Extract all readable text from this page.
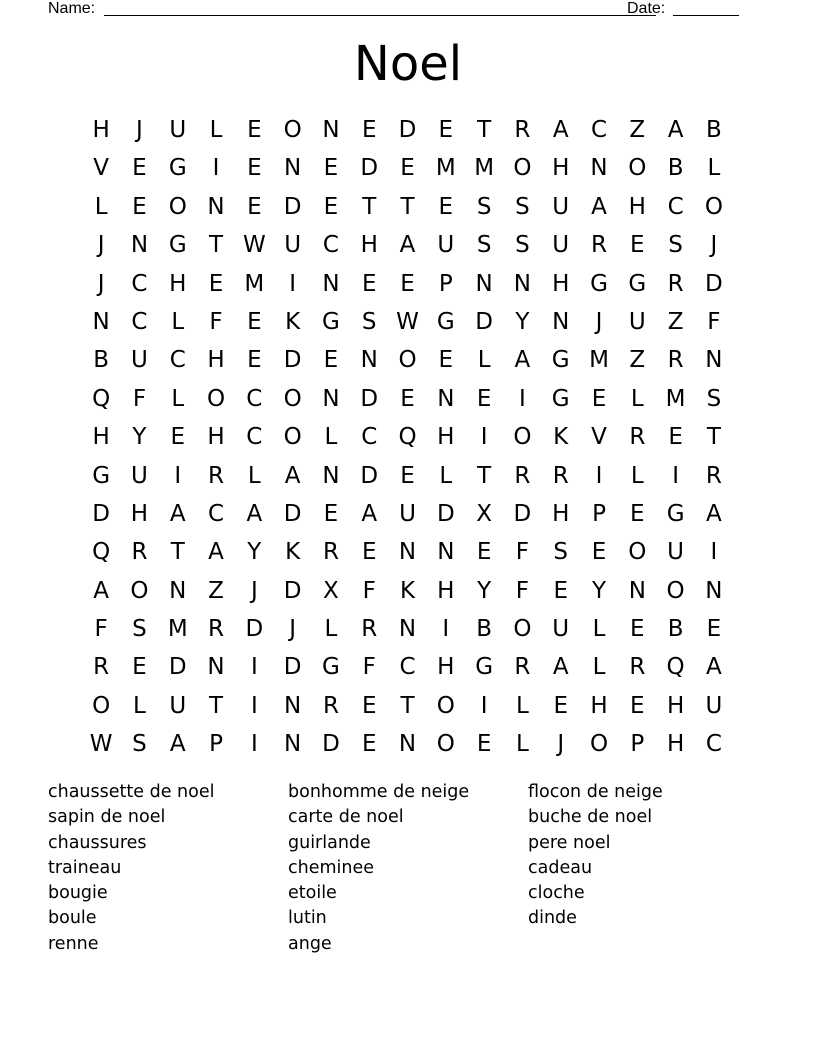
Name:	Date:
Noel
H	J	U	L	E O N E D E	T	R A C Z A B
V	E G	I	E N E D E M M O H N O B	L
L	E O N E D E	T	T	E	S	S U A H C O
J	N G T W U C H A U S	S U R	E	S	J
J	C H E M	I	N E	E	P N N H G G R D
N C	L	F	E	K G S W G D Y N	J	U Z	F
B U C H E D E N O E	L	A G M Z R N
Q F	L O C O N D E N E	I	G E	L M S
H Y	E H C O L	C Q H	I	O K V R	E	T
G U	I	R	L	A N D E	L	T	R R	I	L	I	R
D H A C A D E	A U D X D H P	E G A
Q R	T	A	Y	K R	E N N E	F	S	E O U	I
A O N Z	J	D X	F	K H Y	F	E	Y N O N
F	S M R D	J	L	R N	I	B O U	L	E	B	E
R	E D N	I	D G F	C H G R A	L	R Q A
O L	U T	I	N R	E	T O	I	L	E H E H U
W S	A	P	I	N D E N O E	L	J	O P H C
chaussette de noel
sapin de noel
chaussures
traineau
bougie
boule
renne
bonhomme de neige
carte de noel
guirlande
cheminee
etoile
lutin
ange
flocon de neige
buche de noel
pere noel
cadeau
cloche
dinde
